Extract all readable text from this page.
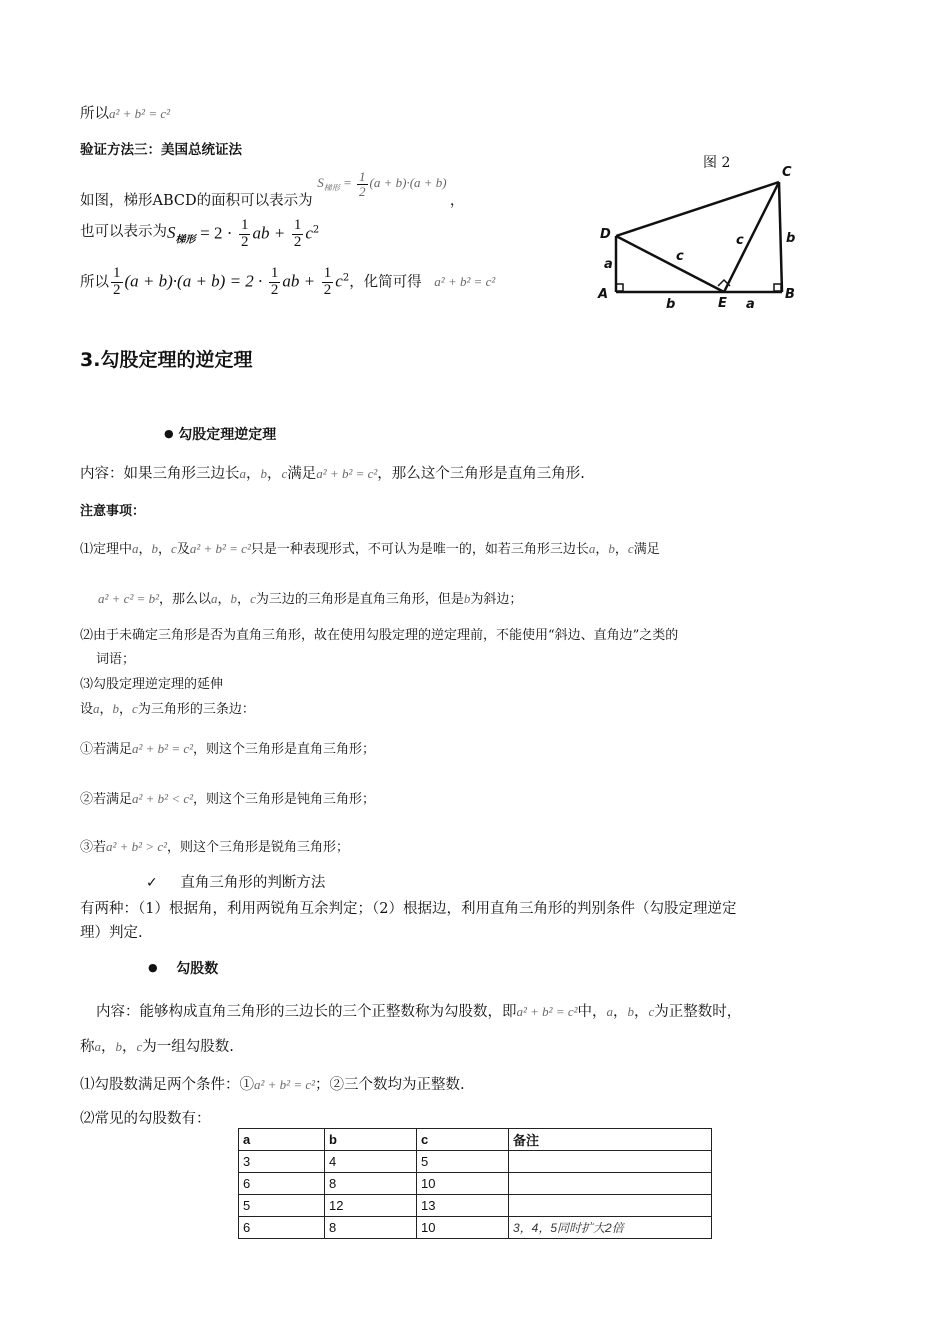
所以a² + b² = c²
验证方法三：美国总统证法
如图，梯形ABCD的面积可以表示为 $S_{梯形} = \frac{1}{2} (a + b)\cdot(a + b)$ ，
也可以表示为$S_{梯形} = 2 \cdot \frac{1}{2}$ ab + $\frac{1}{2} c^2$
所以 $\frac{1}{2} (a + b)\cdot(a + b) = 2 \cdot \frac{1}{2}$ ab + $\frac{1}{2} c^2$，化简可得 a² + b² = c²
图 2
D
A
E
B
C
a
b	a
b
c
c
3.勾股定理的逆定理
● 勾股定理逆定理
内容：如果三角形三边长a，b，c满足a² + b² = c²，那么这个三角形是直角三角形.
注意事项：
⑴定理中a，b，c及a² + b² = c²只是一种表现形式，不可认为是唯一的，如若三角形三边长a，b，c满足
a² + c² = b²，那么以a，b，c为三边的三角形是直角三角形，但是b为斜边；
⑵由于未确定三角形是否为直角三角形，故在使用勾股定理的逆定理前，不能使用“斜边、直角边”之类的
词语；
⑶勾股定理逆定理的延伸
设a，b，c为三角形的三条边：
①若满足a² + b² = c²，则这个三角形是直角三角形；
②若满足a² + b² < c²，则这个三角形是钝角三角形；
③若a² + b² > c²，则这个三角形是锐角三角形；
✓ 直角三角形的判断方法
有两种：（1）根据角，利用两锐角互余判定；（2）根据边，利用直角三角形的判别条件（勾股定理逆定
理）判定.
● 勾股数
内容：能够构成直角三角形的三边长的三个正整数称为勾股数，即a² + b² = c²中，a，b，c为正整数时，
称a，b，c为一组勾股数.
⑴勾股数满足两个条件：①a² + b² = c²；②三个数均为正整数.
⑵常见的勾股数有：
a	b	c	备注
3	4	5	
6	8	10	
5	12	13	
6	8	10	3，4，5同时扩大2倍
